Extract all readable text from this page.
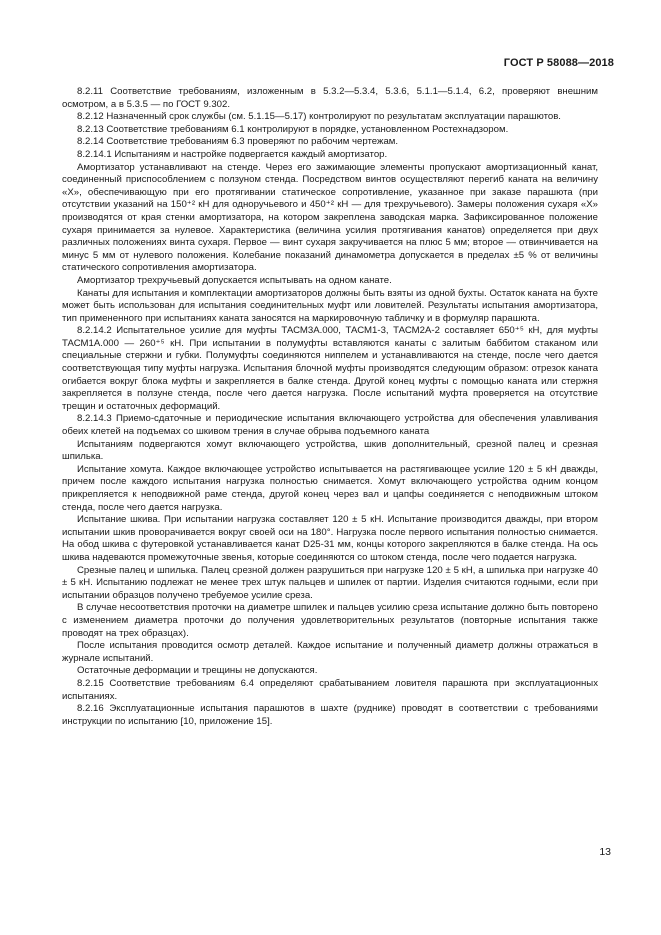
ГОСТ Р 58088—2018

8.2.11 Соответствие требованиям, изложенным в 5.3.2—5.3.4, 5.3.6, 5.1.1—5.1.4, 6.2, проверяют внешним осмотром, а в 5.3.5 — по ГОСТ 9.302.

8.2.12 Назначенный срок службы (см. 5.1.15—5.17) контролируют по результатам эксплуатации парашютов.

8.2.13 Соответствие требованиям 6.1 контролируют в порядке, установленном Ростехнадзором.

8.2.14 Соответствие требованиям 6.3 проверяют по рабочим чертежам.

8.2.14.1 Испытаниям и настройке подвергается каждый амортизатор.

Амортизатор устанавливают на стенде. Через его зажимающие элементы пропускают амортизационный канат, соединенный приспособлением с ползуном стенда. Посредством винтов осуществляют перегиб каната на величину «Х», обеспечивающую при его протягивании статическое сопротивление, указанное при заказе парашюта (при отсутствии указаний на 150⁺² кН для одноручьевого и 450⁺² кН — для трехручьевого). Замеры положения сухаря «Х» производятся от края стенки амортизатора, на котором закреплена заводская марка. Зафиксированное положение сухаря принимается за нулевое. Характеристика (величина усилия протягивания канатов) определяется при двух различных положениях винта сухаря. Первое — винт сухаря закручивается на плюс 5 мм; второе — отвинчивается на минус 5 мм от нулевого положения. Колебание показаний динамометра допускается в пределах ±5 % от величины статического сопротивления амортизатора.

Амортизатор трехручьевый допускается испытывать на одном канате.

Канаты для испытания и комплектации амортизаторов должны быть взяты из одной бухты. Остаток каната на бухте может быть использован для испытания соединительных муфт или ловителей. Результаты испытания амортизатора, тип примененного при испытаниях каната заносятся на маркировочную табличку и в формуляр парашюта.

8.2.14.2 Испытательное усилие для муфты ТАСМ3А.000, ТАСМ1-3, ТАСМ2А-2 составляет 650⁺⁵ кН, для муфты ТАСМ1А.000 — 260⁺⁵ кН. При испытании в полумуфты вставляются канаты с залитым баббитом стаканом или специальные стержни и губки. Полумуфты соединяются ниппелем и устанавливаются на стенде, после чего дается соответствующая типу муфты нагрузка. Испытания блочной муфты производятся следующим образом: отрезок каната огибается вокруг блока муфты и закрепляется в балке стенда. Другой конец муфты с помощью каната или стержня закрепляется в ползуне стенда, после чего дается нагрузка. После испытаний муфта проверяется на отсутствие трещин и остаточных деформаций.

8.2.14.3 Приемо-сдаточные и периодические испытания включающего устройства для обеспечения улавливания обеих клетей на подъемах со шкивом трения в случае обрыва подъемного каната

Испытаниям подвергаются хомут включающего устройства, шкив дополнительный, срезной палец и срезная шпилька.

Испытание хомута. Каждое включающее устройство испытывается на растягивающее усилие 120 ± 5 кН дважды, причем после каждого испытания нагрузка полностью снимается. Хомут включающего устройства одним концом прикрепляется к неподвижной раме стенда, другой конец через вал и цапфы соединяется с неподвижным штоком стенда, после чего дается нагрузка.

Испытание шкива. При испытании нагрузка составляет 120 ± 5 кН. Испытание производится дважды, при втором испытании шкив проворачивается вокруг своей оси на 180°. Нагрузка после первого испытания полностью снимается. На обод шкива с футеровкой устанавливается канат D25-31 мм, концы которого закрепляются в балке стенда. На ось шкива надеваются промежуточные звенья, которые соединяются со штоком стенда, после чего подается нагрузка.

Срезные палец и шпилька. Палец срезной должен разрушиться при нагрузке 120 ± 5 кН, а шпилька при нагрузке 40 ± 5 кН. Испытанию подлежат не менее трех штук пальцев и шпилек от партии. Изделия считаются годными, если при испытании образцов получено требуемое усилие среза.

В случае несоответствия проточки на диаметре шпилек и пальцев усилию среза испытание должно быть повторено с изменением диаметра проточки до получения удовлетворительных результатов (повторные испытания также проводят на трех образцах).

После испытания проводится осмотр деталей. Каждое испытание и полученный диаметр должны отражаться в журнале испытаний.

Остаточные деформации и трещины не допускаются.

8.2.15 Соответствие требованиям 6.4 определяют срабатыванием ловителя парашюта при эксплуатационных испытаниях.

8.2.16 Эксплуатационные испытания парашютов в шахте (руднике) проводят в соответствии с требованиями инструкции по испытанию [10, приложение 15].

13
